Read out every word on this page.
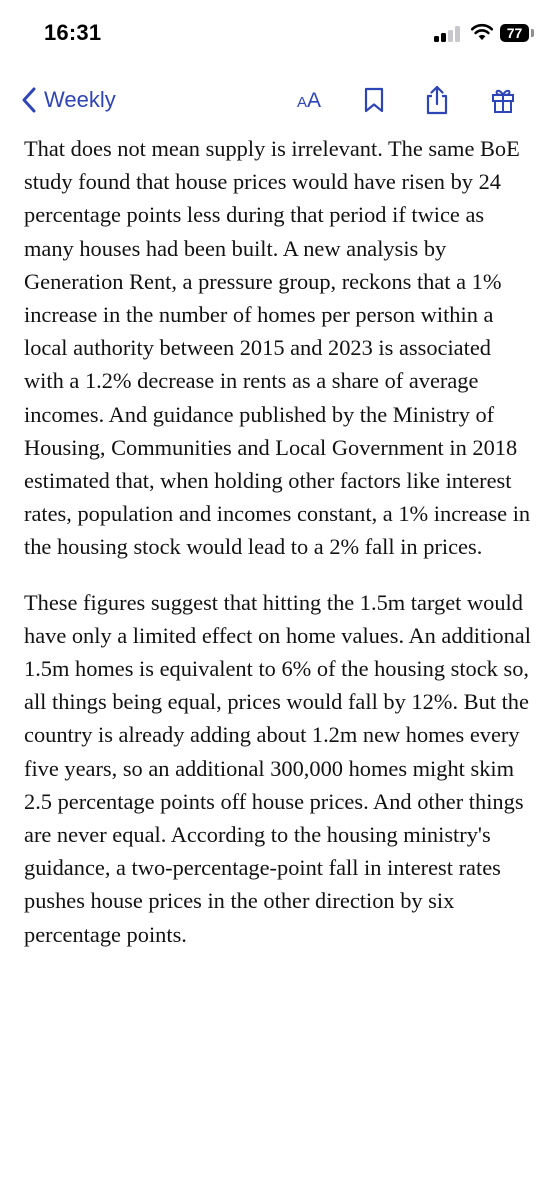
16:31	77
Weekly	AA

That does not mean supply is irrelevant. The same BoE study found that house prices would have risen by 24 percentage points less during that period if twice as many houses had been built. A new analysis by Generation Rent, a pressure group, reckons that a 1% increase in the number of homes per person within a local authority between 2015 and 2023 is associated with a 1.2% decrease in rents as a share of average incomes. And guidance published by the Ministry of Housing, Communities and Local Government in 2018 estimated that, when holding other factors like interest rates, population and incomes constant, a 1% increase in the housing stock would lead to a 2% fall in prices.

These figures suggest that hitting the 1.5m target would have only a limited effect on home values. An additional 1.5m homes is equivalent to 6% of the housing stock so, all things being equal, prices would fall by 12%. But the country is already adding about 1.2m new homes every five years, so an additional 300,000 homes might skim 2.5 percentage points off house prices. And other things are never equal. According to the housing ministry's guidance, a two-percentage-point fall in interest rates pushes house prices in the other direction by six percentage points.
